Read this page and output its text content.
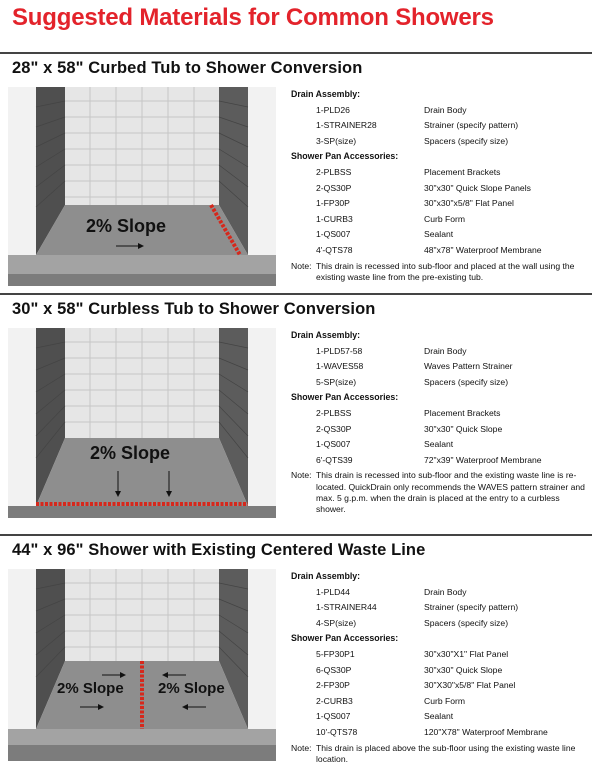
Suggested Materials for Common Showers
28" x 58" Curbed Tub to Shower Conversion
2% Slope
Drain Assembly:
1-PLD26	Drain Body
1-STRAINER28	Strainer (specify pattern)
3-SP(size)	Spacers (specify size)
Shower Pan Accessories:
2-PLBSS	Placement Brackets
2-QS30P	30"x30" Quick Slope Panels
1-FP30P	30"x30"x5/8" Flat Panel
1-CURB3	Curb Form
1-QS007	Sealant
4'-QTS78	48"x78" Waterproof Membrane
Note: This drain is recessed into sub-floor and placed at the wall using the existing waste line from the pre-existing tub.
30" x 58" Curbless Tub to Shower Conversion
2% Slope
Drain Assembly:
1-PLD57-58	Drain Body
1-WAVES58	Waves Pattern Strainer
5-SP(size)	Spacers (specify size)
Shower Pan Accessories:
2-PLBSS	Placement Brackets
2-QS30P	30"x30" Quick Slope
1-QS007	Sealant
6'-QTS39	72"x39" Waterproof Membrane
Note: This drain is recessed into sub-floor and the existing waste line is re-located. QuickDrain only recommends the WAVES pattern strainer and max. 5 g.p.m. when the drain is placed at the entry to a curbless shower.
44" x 96" Shower with Existing Centered Waste Line
2% Slope 2% Slope
Drain Assembly:
1-PLD44	Drain Body
1-STRAINER44	Strainer (specify pattern)
4-SP(size)	Spacers (specify size)
Shower Pan Accessories:
5-FP30P1	30"x30"X1" Flat Panel
6-QS30P	30"x30" Quick Slope
2-FP30P	30"X30"x5/8" Flat Panel
2-CURB3	Curb Form
1-QS007	Sealant
10'-QTS78	120"X78" Waterproof Membrane
Note: This drain is placed above the sub-floor using the existing waste line location.
